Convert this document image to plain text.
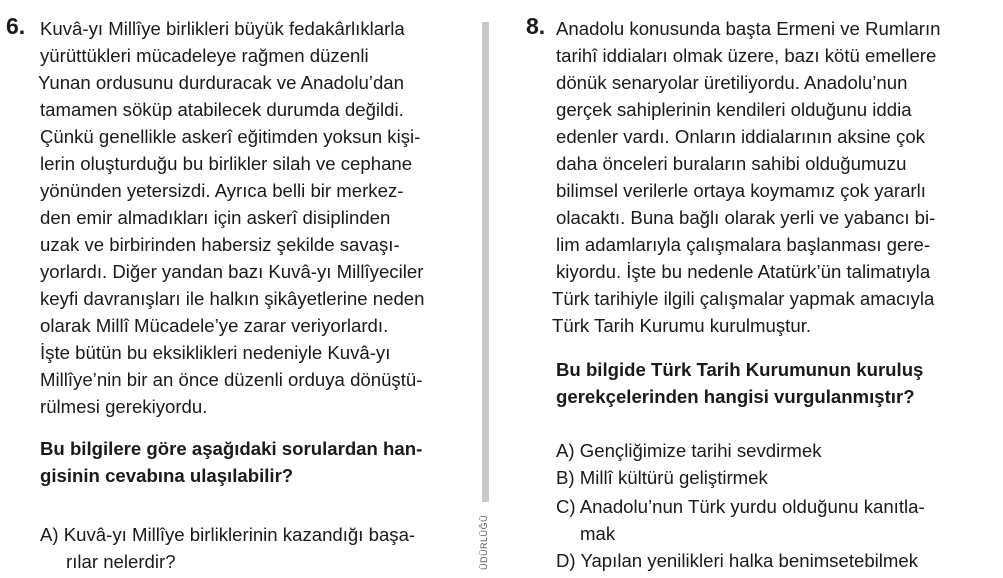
6. Kuvâ-yı Millîye birlikleri büyük fedakârlıklarla
yürüttükleri mücadeleye rağmen düzenli
Yunan ordusunu durduracak ve Anadolu’dan
tamamen söküp atabilecek durumda değildi.
Çünkü genellikle askerî eğitimden yoksun kişi-
lerin oluşturduğu bu birlikler silah ve cephane
yönünden yetersizdi. Ayrıca belli bir merkez-
den emir almadıkları için askerî disiplinden
uzak ve birbirinden habersiz şekilde savaşı-
yorlardı. Diğer yandan bazı Kuvâ-yı Millîyeciler
keyfi davranışları ile halkın şikâyetlerine neden
olarak Millî Mücadele’ye zarar veriyorlardı.
İşte bütün bu eksiklikleri nedeniyle Kuvâ-yı
Millîye’nin bir an önce düzenli orduya dönüştü-
rülmesi gerekiyordu.
Bu bilgilere göre aşağıdaki sorulardan han-
gisinin cevabına ulaşılabilir?
A) Kuvâ-yı Millîye birliklerinin kazandığı başa-
rılar nelerdir?	ÜDÜRLÜĞÜ
8. Anadolu konusunda başta Ermeni ve Rumların
tarihî iddiaları olmak üzere, bazı kötü emellere
dönük senaryolar üretiliyordu. Anadolu’nun
gerçek sahiplerinin kendileri olduğunu iddia
edenler vardı. Onların iddialarının aksine çok
daha önceleri buraların sahibi olduğumuzu
bilimsel verilerle ortaya koymamız çok yararlı
olacaktı. Buna bağlı olarak yerli ve yabancı bi-
lim adamlarıyla çalışmalara başlanması gere-
kiyordu. İşte bu nedenle Atatürk’ün talimatıyla
Türk tarihiyle ilgili çalışmalar yapmak amacıyla
Türk Tarih Kurumu kurulmuştur.
Bu bilgide Türk Tarih Kurumunun kuruluş
gerekçelerinden hangisi vurgulanmıştır?
A) Gençliğimize tarihi sevdirmek
B) Millî kültürü geliştirmek
C) Anadolu’nun Türk yurdu olduğunu kanıtla-
mak
D) Yapılan yenilikleri halka benimsetebilmek
